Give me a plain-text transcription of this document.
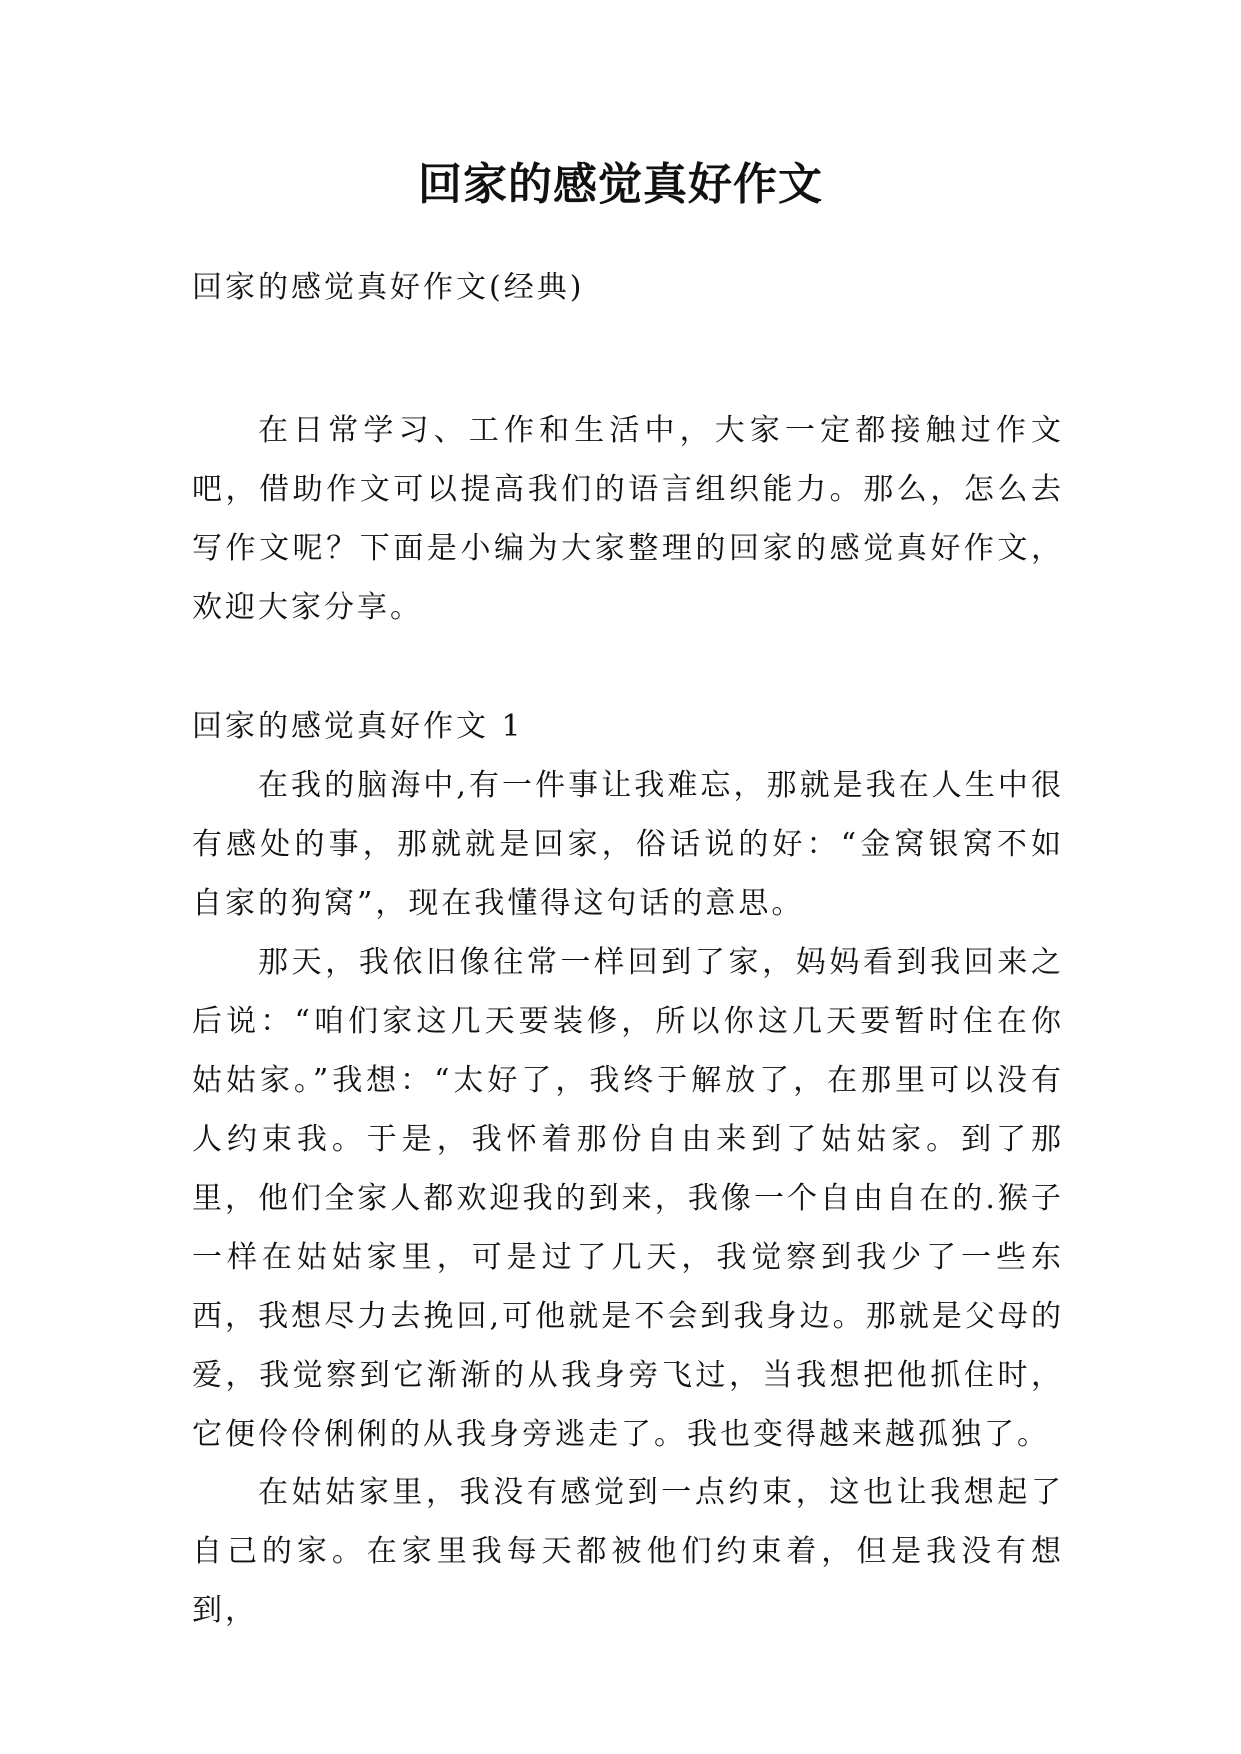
回家的感觉真好作文

回家的感觉真好作文(经典)

在日常学习、工作和生活中，大家一定都接触过作文吧，借助作文可以提高我们的语言组织能力。那么，怎么去写作文呢？下面是小编为大家整理的回家的感觉真好作文，欢迎大家分享。

回家的感觉真好作文 1

在我的脑海中,有一件事让我难忘，那就是我在人生中很有感处的事，那就就是回家，俗话说的好：“金窝银窝不如自家的狗窝”，现在我懂得这句话的意思。

那天，我依旧像往常一样回到了家，妈妈看到我回来之后说：“咱们家这几天要装修，所以你这几天要暂时住在你姑姑家。”我想：“太好了，我终于解放了，在那里可以没有人约束我。于是，我怀着那份自由来到了姑姑家。到了那里，他们全家人都欢迎我的到来，我像一个自由自在的.猴子一样在姑姑家里，可是过了几天，我觉察到我少了一些东西，我想尽力去挽回,可他就是不会到我身边。那就是父母的爱，我觉察到它渐渐的从我身旁飞过，当我想把他抓住时，它便伶伶俐俐的从我身旁逃走了。我也变得越来越孤独了。

在姑姑家里，我没有感觉到一点约束，这也让我想起了自己的家。在家里我每天都被他们约束着，但是我没有想到，
